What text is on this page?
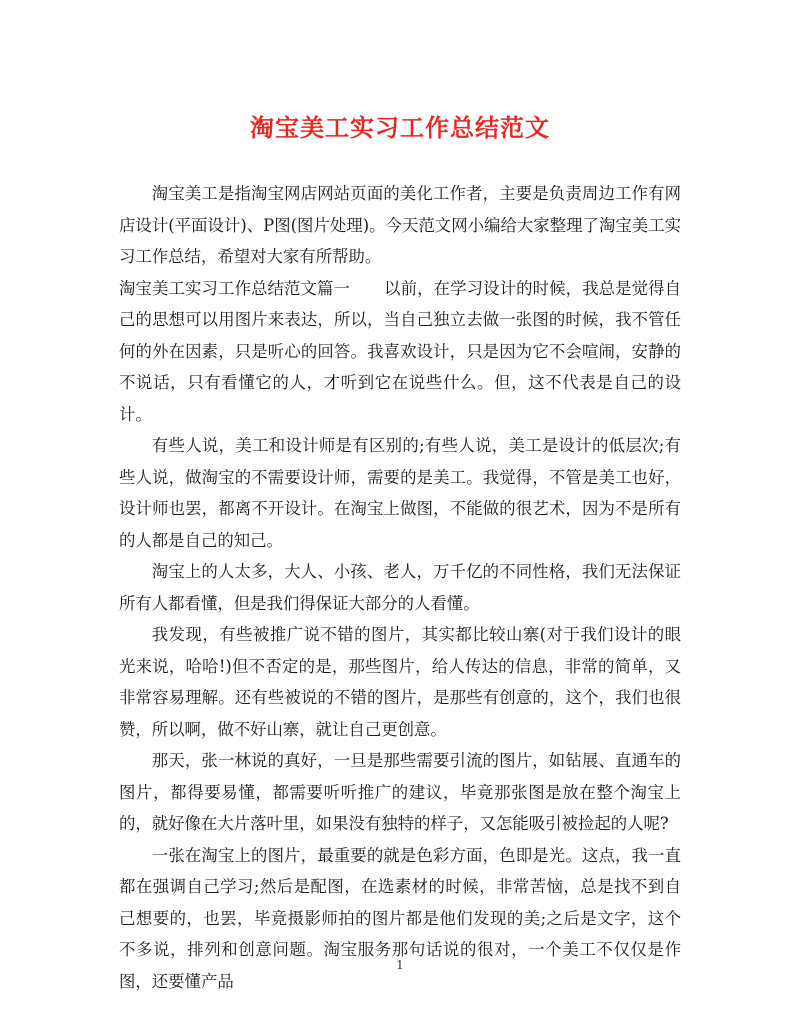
淘宝美工实习工作总结范文

淘宝美工是指淘宝网店网站页面的美化工作者，主要是负责周边工作有网店设计(平面设计)、P图(图片处理)。今天范文网小编给大家整理了淘宝美工实习工作总结，希望对大家有所帮助。

淘宝美工实习工作总结范文篇一 以前，在学习设计的时候，我总是觉得自己的思想可以用图片来表达，所以，当自己独立去做一张图的时候，我不管任何的外在因素，只是听心的回答。我喜欢设计，只是因为它不会喧闹，安静的不说话，只有看懂它的人，才听到它在说些什么。但，这不代表是自己的设计。

有些人说，美工和设计师是有区别的;有些人说，美工是设计的低层次;有些人说，做淘宝的不需要设计师，需要的是美工。我觉得，不管是美工也好，设计师也罢，都离不开设计。在淘宝上做图，不能做的很艺术，因为不是所有的人都是自己的知己。

淘宝上的人太多，大人、小孩、老人，万千亿的不同性格，我们无法保证所有人都看懂，但是我们得保证大部分的人看懂。

我发现，有些被推广说不错的图片，其实都比较山寨(对于我们设计的眼光来说，哈哈!)但不否定的是，那些图片，给人传达的信息，非常的简单，又非常容易理解。还有些被说的不错的图片，是那些有创意的，这个，我们也很赞，所以啊，做不好山寨，就让自己更创意。

那天，张一林说的真好，一旦是那些需要引流的图片，如钻展、直通车的图片，都得要易懂，都需要听听推广的建议，毕竟那张图是放在整个淘宝上的，就好像在大片落叶里，如果没有独特的样子，又怎能吸引被捡起的人呢?

一张在淘宝上的图片，最重要的就是色彩方面，色即是光。这点，我一直都在强调自己学习;然后是配图，在选素材的时候，非常苦恼，总是找不到自己想要的，也罢，毕竟摄影师拍的图片都是他们发现的美;之后是文字，这个不多说，排列和创意问题。淘宝服务那句话说的很对，一个美工不仅仅是作图，还要懂产品

1
